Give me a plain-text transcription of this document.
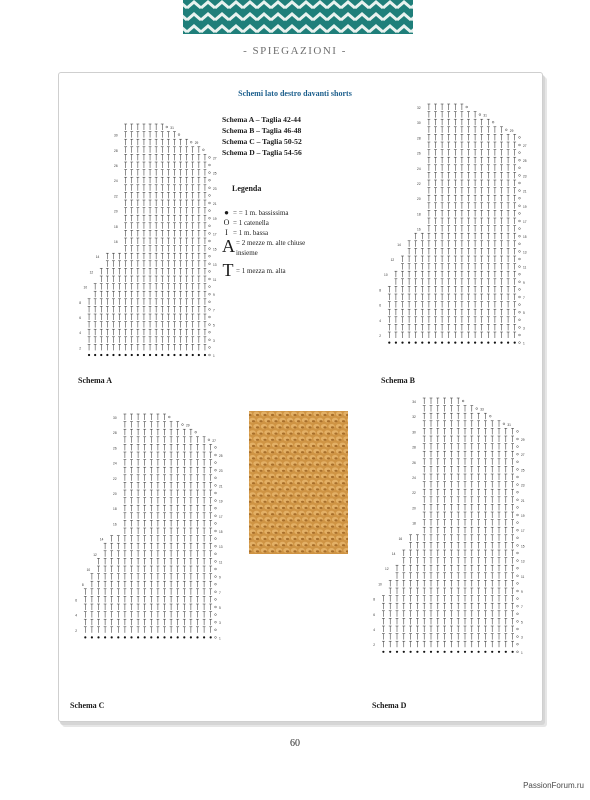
- SPIEGAZIONI -
Schemi lato destro davanti shorts
1
2
3
4
5
6
7
8
9
10
11
12
13
14
15
16
17
18
19
20
21
22
23
24
25
26
27
28
29
30
31
Schema A
1
2
3
4
5
6
7
8
9
10
11
12
13
14
15
16
17
18
19
20
21
22
23
24
25
26
27
28
29
30
31
32
Schema B
1
2
3
4
5
6
7
8
9
10
11
12
13
14
15
16
17
18
19
20
21
22
23
24
25
26
27
28
29
30
Schema C
1
2
3
4
5
6
7
8
9
10
11
12
13
14
15
16
17
18
19
20
21
22
23
24
25
26
27
28
29
30
31
32
33
34
Schema D
Schema A – Taglia 42-44
Schema B – Taglia 46-48
Schema C – Taglia 50-52
Schema D – Taglia 54-56
Legenda
● = = 1 m. bassissima
O = 1 catenella
I = 1 m. bassa
A = 2 mezze m. alte chiuse insieme
T = 1 mezza m. alta
60
PassionForum.ru
